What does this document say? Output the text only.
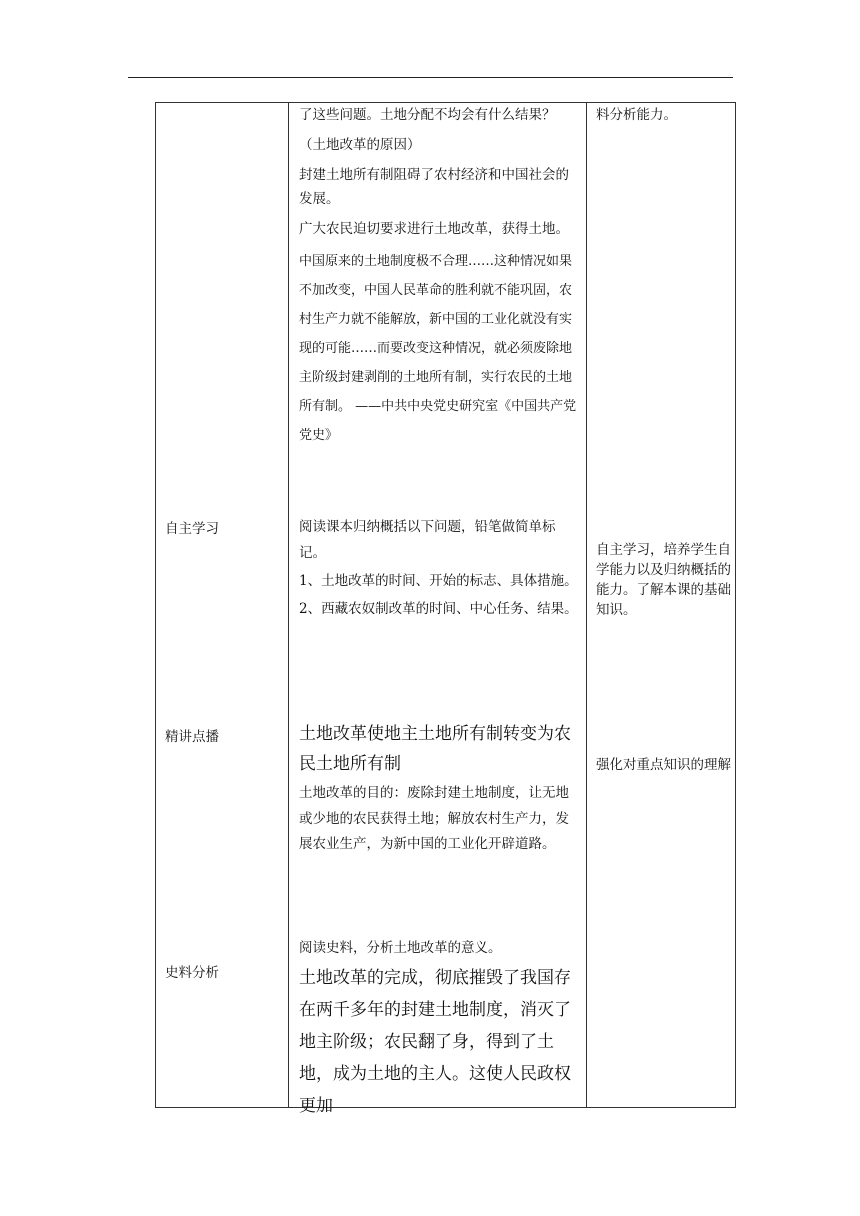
了这些问题。土地分配不均会有什么结果？

（土地改革的原因）

封建土地所有制阻碍了农村经济和中国社会的发展。

广大农民迫切要求进行土地改革，获得土地。

中国原来的土地制度极不合理……这种情况如果不加改变，中国人民革命的胜利就不能巩固，农村生产力就不能解放，新中国的工业化就没有实现的可能……而要改变这种情况，就必须废除地主阶级封建剥削的土地所有制，实行农民的土地所有制。 ——中共中央党史研究室《中国共产党党史》

料分析能力。
自主学习	阅读课本归纳概括以下问题，铅笔做简单标记。

1、土地改革的时间、开始的标志、具体措施。

2、西藏农奴制改革的时间、中心任务、结果。

自主学习，培养学生自学能力以及归纳概括的能力。了解本课的基础知识。
精讲点播	土地改革使地主土地所有制转变为农民土地所有制

土地改革的目的：废除封建土地制度，让无地或少地的农民获得土地；解放农村生产力，发展农业生产，为新中国的工业化开辟道路。

强化对重点知识的理解
史料分析

阅读史料，分析土地改革的意义。

土地改革的完成，彻底摧毁了我国存在两千多年的封建土地制度，消灭了地主阶级；农民翻了身，得到了土地，成为土地的主人。这使人民政权更加
